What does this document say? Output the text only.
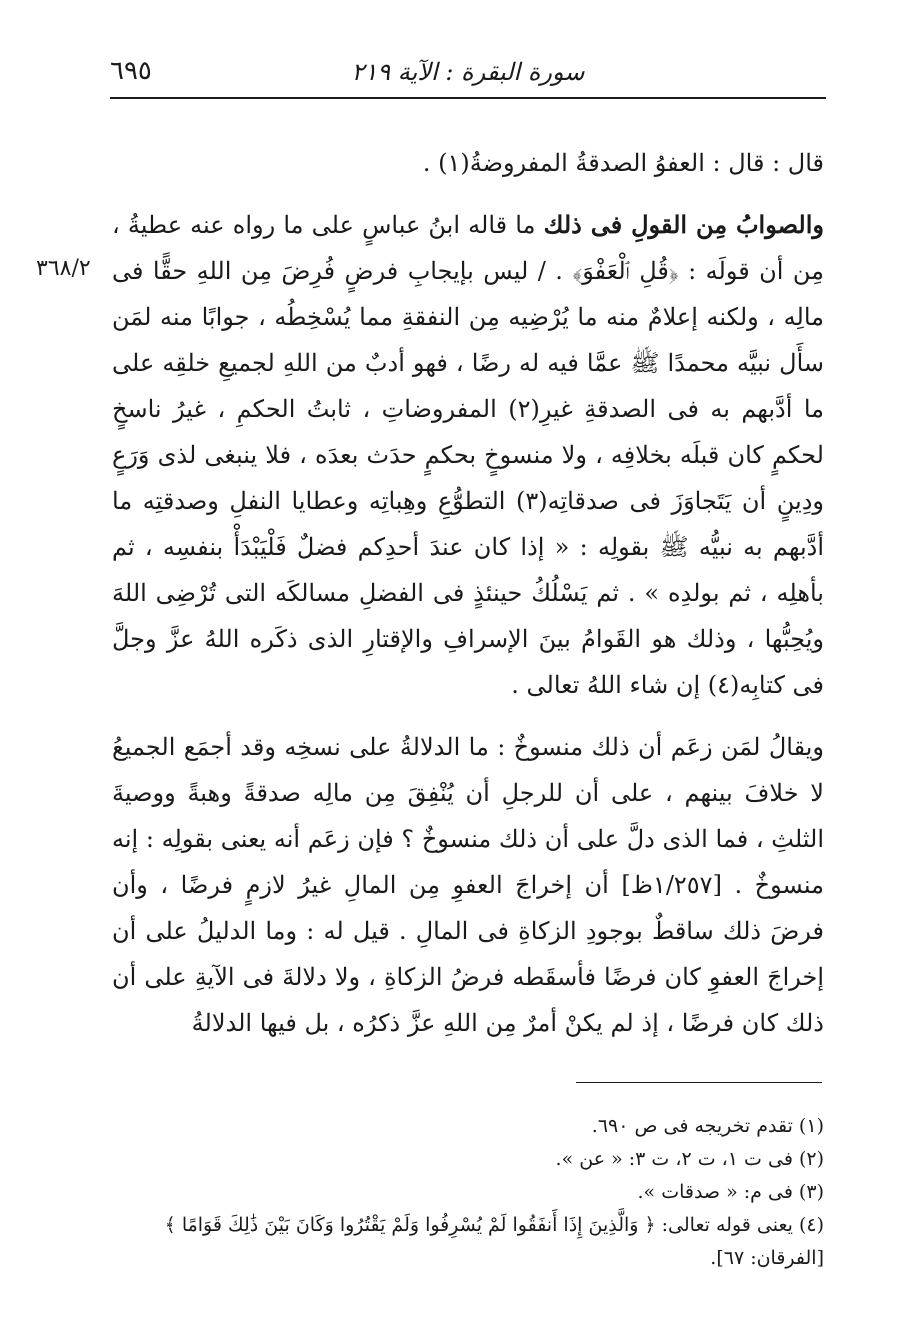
سورة البقرة : الآية ٢١٩
٦٩٥
٣٦٨/٢

قال : قال : العفوُ الصدقةُ المفروضةُ(١) .

والصوابُ مِن القولِ فى ذلك ما قاله ابنُ عباسٍ على ما رواه عنه عطيةُ ، مِن أن قولَه : ﴿قُلِ ٱلْعَفْوَ﴾ . / ليس بإيجابِ فرضٍ فُرِضَ مِن اللهِ حقًّا فى مالِه ، ولكنه إعلامٌ منه ما يُرْضِيه مِن النفقةِ مما يُسْخِطُه ، جوابًا منه لمَن سأَل نبيَّه محمدًا ﷺ عمَّا فيه له رضًا ، فهو أدبٌ من اللهِ لجميعِ خلقِه على ما أدَّبهم به فى الصدقةِ غيرِ(٢) المفروضاتِ ، ثابتُ الحكمِ ، غيرُ ناسخٍ لحكمٍ كان قبلَه بخلافِه ، ولا منسوخٍ بحكمٍ حدَث بعدَه ، فلا ينبغى لذى وَرَعٍ ودِينٍ أن يَتَجاوَزَ فى صدقاتِه(٣) التطوُّعِ وهِباتِه وعطايا النفلِ وصدقتِه ما أدَّبهم به نبيُّه ﷺ بقولِه : « إذا كان عندَ أحدِكم فضلٌ فَلْيَبْدَأْ بنفسِه ، ثم بأهلِه ، ثم بولدِه » . ثم يَسْلُكُ حينئذٍ فى الفضلِ مسالكَه التى تُرْضِى اللهَ ويُحِبُّها ، وذلك هو القَوامُ بينَ الإسرافِ والإقتارِ الذى ذكَره اللهُ عزَّ وجلَّ فى كتابِه(٤) إن شاء اللهُ تعالى .

ويقالُ لمَن زعَم أن ذلك منسوخٌ : ما الدلالةُ على نسخِه وقد أجمَع الجميعُ لا خلافَ بينهم ، على أن للرجلِ أن يُنْفِقَ مِن مالِه صدقةً وهبةً ووصيةَ الثلثِ ، فما الذى دلَّ على أن ذلك منسوخٌ ؟ فإن زعَم أنه يعنى بقولِه : إنه منسوخٌ . [١/٢٥٧ظ] أن إخراجَ العفوِ مِن المالِ غيرُ لازمٍ فرضًا ، وأن فرضَ ذلك ساقطٌ بوجودِ الزكاةِ فى المالِ . قيل له : وما الدليلُ على أن إخراجَ العفوِ كان فرضًا فأسقَطه فرضُ الزكاةِ ، ولا دلالةَ فى الآيةِ على أن ذلك كان فرضًا ، إذ لم يكنْ أمرٌ مِن اللهِ عزَّ ذكرُه ، بل فيها الدلالةُ

(١) تقدم تخريجه فى ص ٦٩٠.

(٢) فى ت ١، ت ٢، ت ٣: « عن ».

(٣) فى م: « صدقات ».

(٤) يعنى قوله تعالى: ﴿ وَالَّذِينَ إِذَا أَنفَقُوا لَمْ يُسْرِفُوا وَلَمْ يَقْتُرُوا وَكَانَ بَيْنَ ذَٰلِكَ قَوَامًا ﴾ [الفرقان: ٦٧].
